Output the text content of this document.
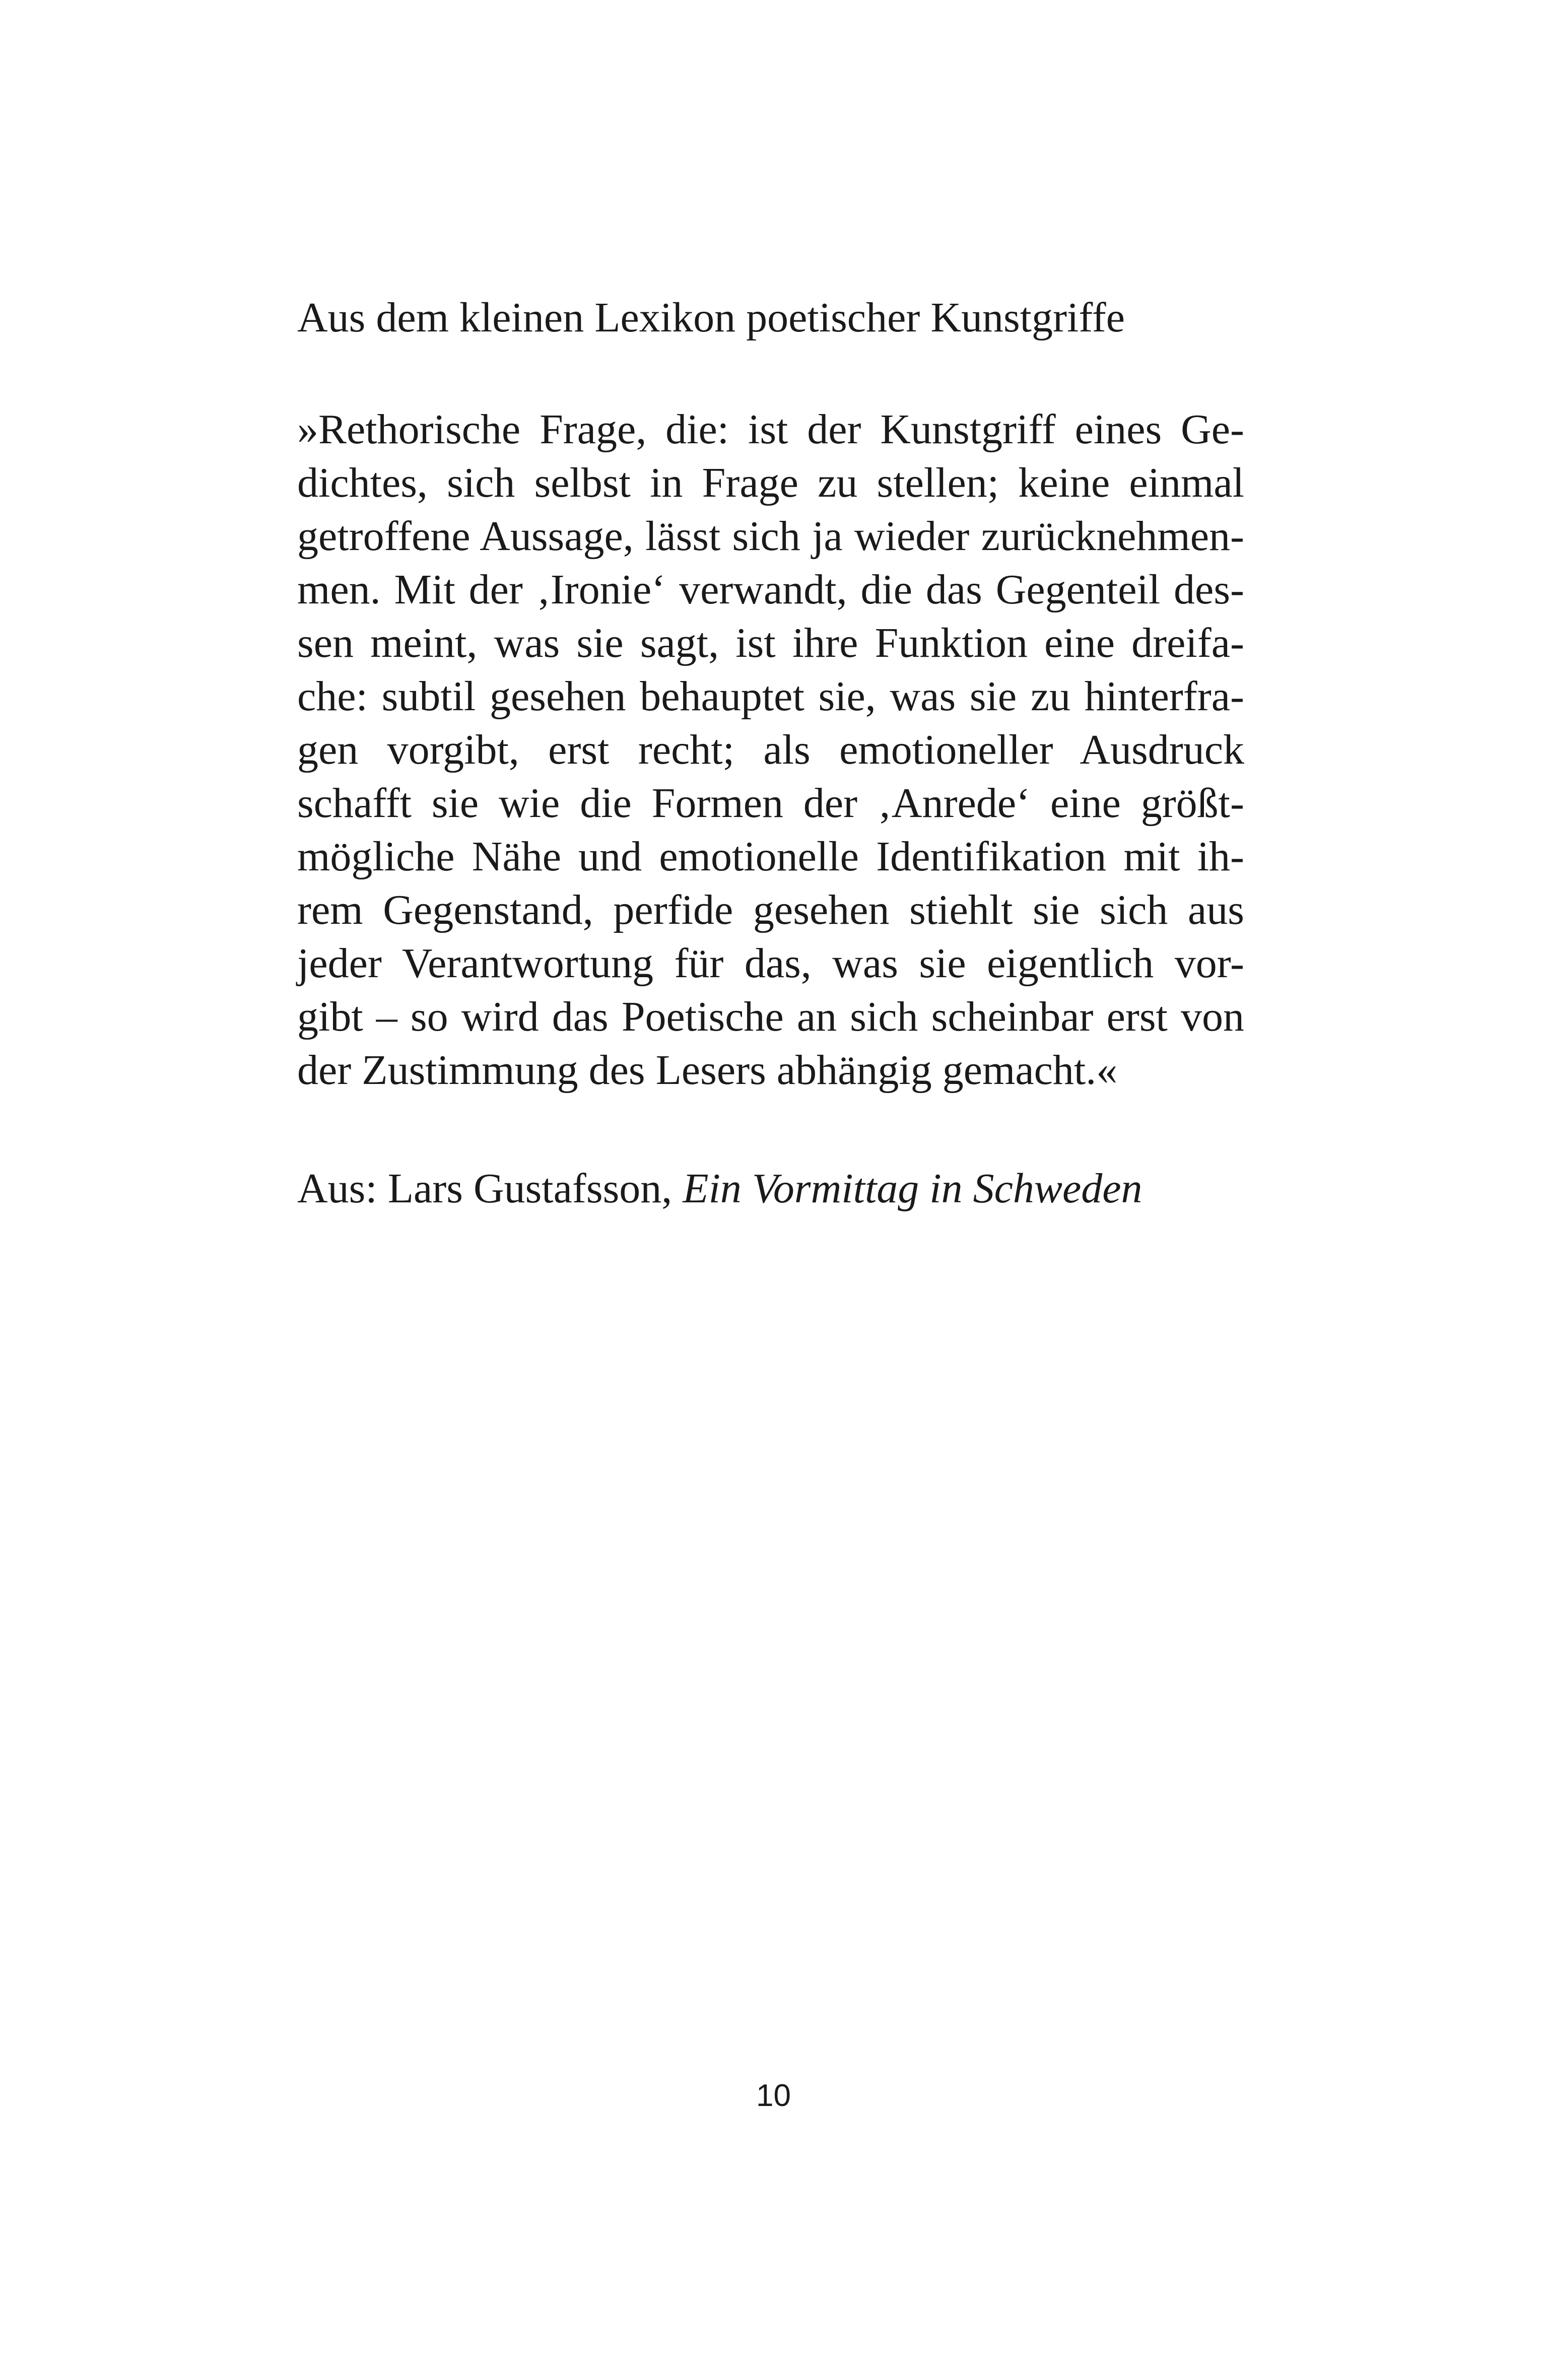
Aus dem kleinen Lexikon poetischer Kunstgriffe
»Rethorische Frage, die: ist der Kunstgriff eines Ge-
dichtes, sich selbst in Frage zu stellen; keine einmal
getroffene Aussage, lässt sich ja wieder zurücknehmen-
men. Mit der ‚Ironie‘ verwandt, die das Gegenteil des-
sen meint, was sie sagt, ist ihre Funktion eine dreifa-
che: subtil gesehen behauptet sie, was sie zu hinterfra-
gen vorgibt, erst recht; als emotioneller Ausdruck
schafft sie wie die Formen der ‚Anrede‘ eine größt-
mögliche Nähe und emotionelle Identifikation mit ih-
rem Gegenstand, perfide gesehen stiehlt sie sich aus
jeder Verantwortung für das, was sie eigentlich vor-
gibt – so wird das Poetische an sich scheinbar erst von
der Zustimmung des Lesers abhängig gemacht.«

Aus: Lars Gustafsson, Ein Vormittag in Schweden

10
